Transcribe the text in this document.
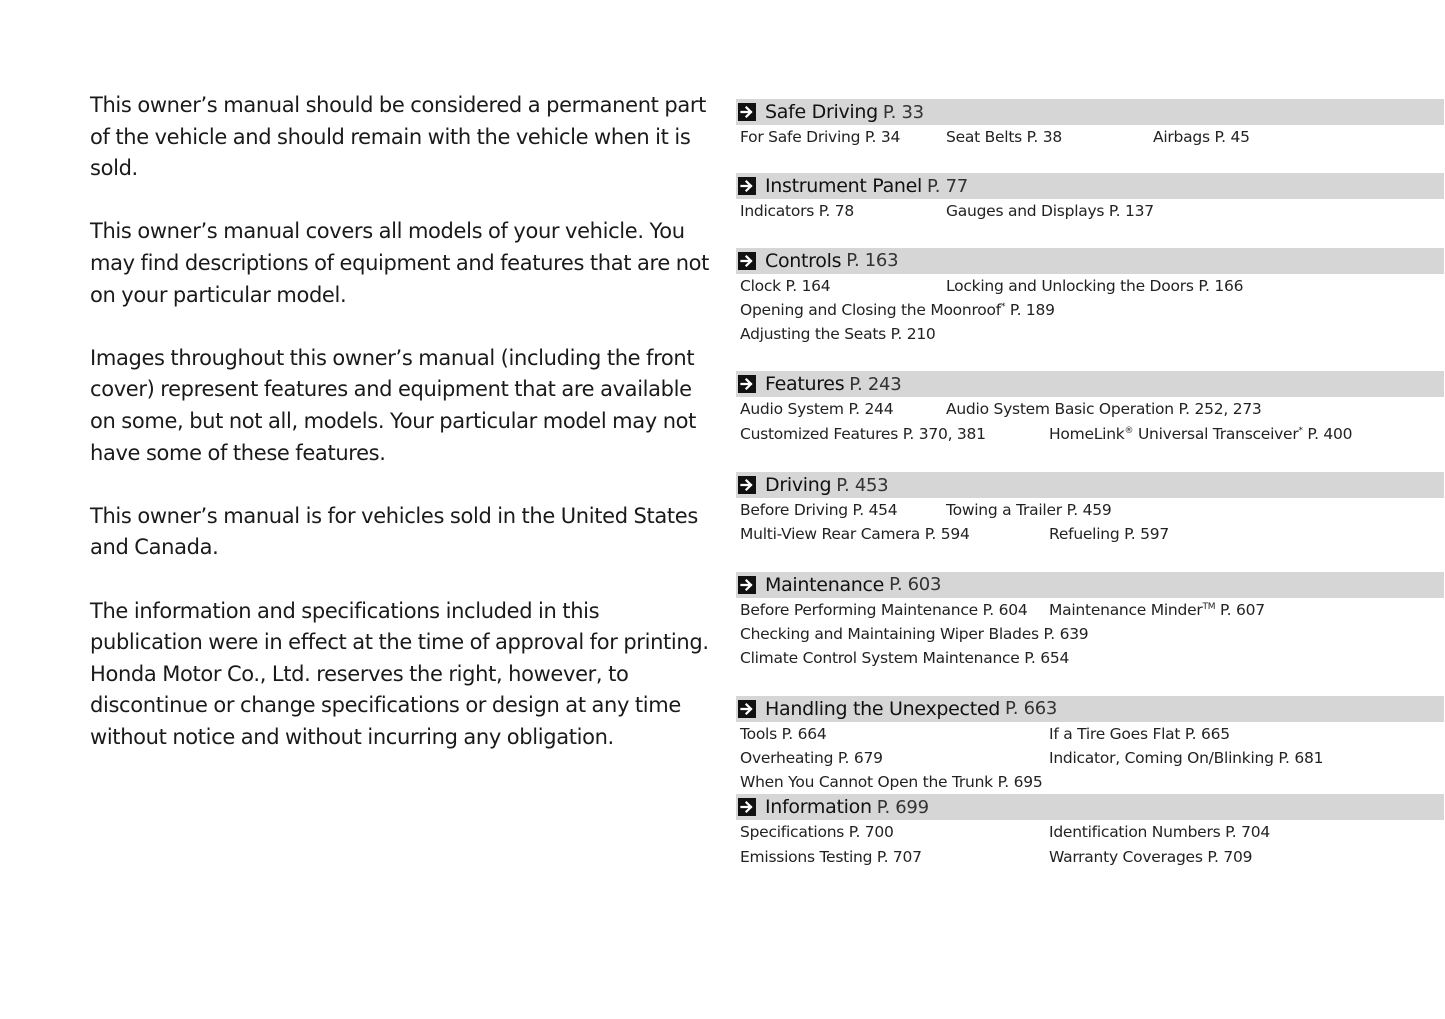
This owner’s manual should be considered a permanent part of the vehicle and should remain with the vehicle when it is sold.

This owner’s manual covers all models of your vehicle. You may find descriptions of equipment and features that are not on your particular model.

Images throughout this owner’s manual (including the front cover) represent features and equipment that are available on some, but not all, models. Your particular model may not have some of these features.

This owner’s manual is for vehicles sold in the United States and Canada.

The information and specifications included in this publication were in effect at the time of approval for printing. Honda Motor Co., Ltd. reserves the right, however, to discontinue or change specifications or design at any time without notice and without incurring any obligation.

Safe Driving P. 33
For Safe Driving P. 34	Seat Belts P. 38	Airbags P. 45
Instrument Panel P. 77
Indicators P. 78	Gauges and Displays P. 137
Controls P. 163
Clock P. 164	Locking and Unlocking the Doors P. 166
Opening and Closing the Moonroof* P. 189
Adjusting the Seats P. 210
Features P. 243
Audio System P. 244	Audio System Basic Operation P. 252, 273
Customized Features P. 370, 381	HomeLink® Universal Transceiver* P. 400
Driving P. 453
Before Driving P. 454	Towing a Trailer P. 459
Multi-View Rear Camera P. 594	Refueling P. 597
Maintenance P. 603
Before Performing Maintenance P. 604 Maintenance Minder™ P. 607
Checking and Maintaining Wiper Blades P. 639
Climate Control System Maintenance P. 654
Handling the Unexpected P. 663
Tools P. 664	If a Tire Goes Flat P. 665
Overheating P. 679	Indicator, Coming On/Blinking P. 681
When You Cannot Open the Trunk P. 695
Information P. 699
Specifications P. 700	Identification Numbers P. 704
Emissions Testing P. 707	Warranty Coverages P. 709
